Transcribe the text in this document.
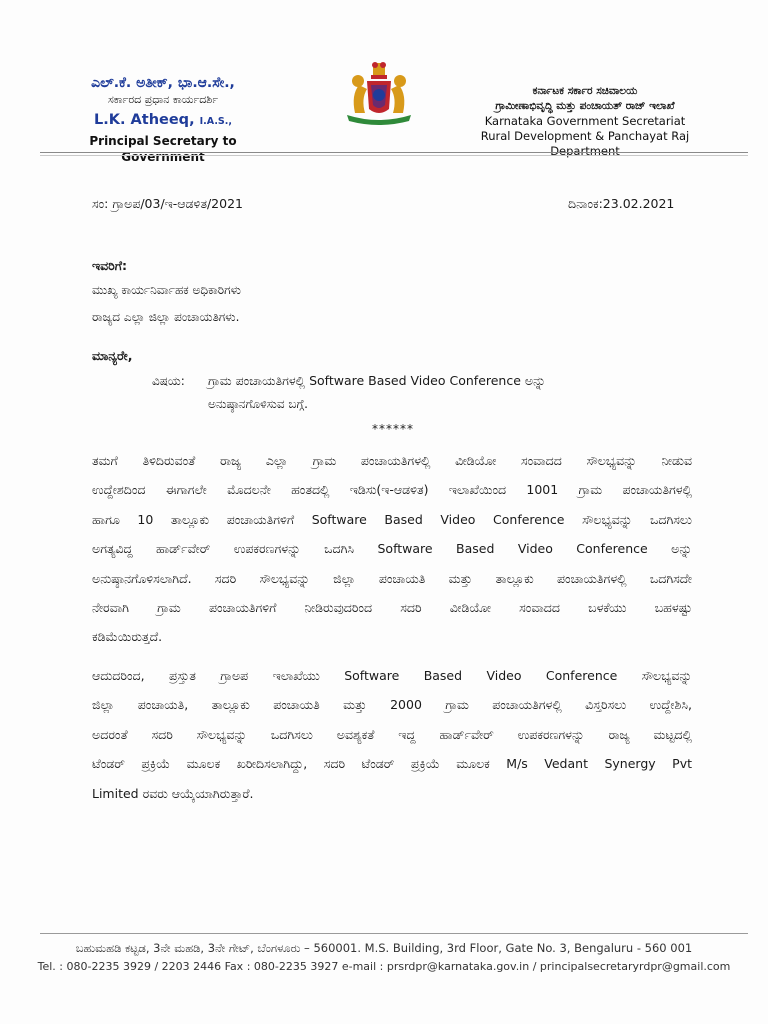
ಎಲ್.ಕೆ. ಅತೀಕ್, ಭಾ.ಆ.ಸೇ.,
ಸರ್ಕಾರದ ಪ್ರಧಾನ ಕಾರ್ಯದರ್ಶಿ
L.K. Atheeq, I.A.S.,
Principal Secretary to Government
ಕರ್ನಾಟಕ ಸರ್ಕಾರ ಸಚಿವಾಲಯ
ಗ್ರಾಮೀಣಾಭಿವೃದ್ಧಿ ಮತ್ತು ಪಂಚಾಯತ್ ರಾಜ್ ಇಲಾಖೆ
Karnataka Government Secretariat
Rural Development & Panchayat Raj Department
ಸಂ: ಗ್ರಾಅಪ/03/ಇ-ಆಡಳಿತ/2021	ದಿನಾಂಕ:23.02.2021
ಇವರಿಗೆ:
ಮುಖ್ಯ ಕಾರ್ಯನಿರ್ವಾಹಕ ಅಧಿಕಾರಿಗಳು
ರಾಜ್ಯದ ಎಲ್ಲಾ ಜಿಲ್ಲಾ ಪಂಚಾಯತಿಗಳು.
ಮಾನ್ಯರೇ,
ವಿಷಯ: ಗ್ರಾಮ ಪಂಚಾಯತಿಗಳಲ್ಲಿ Software Based Video Conference ಅನ್ನು
ಅನುಷ್ಠಾನಗೊಳಿಸುವ ಬಗ್ಗೆ.
******
ತಮಗೆ ತಿಳಿದಿರುವಂತೆ ರಾಜ್ಯ ಎಲ್ಲಾ ಗ್ರಾಮ ಪಂಚಾಯತಿಗಳಲ್ಲಿ ವೀಡಿಯೋ ಸಂವಾದದ ಸೌಲಭ್ಯವನ್ನು ನೀಡುವ
ಉದ್ದೇಶದಿಂದ ಈಗಾಗಲೇ ಮೊದಲನೇ ಹಂತದಲ್ಲಿ ಇಡಿಸು(ಇ-ಆಡಳಿತ) ಇಲಾಖೆಯಿಂದ 1001 ಗ್ರಾಮ ಪಂಚಾಯತಿಗಳಲ್ಲಿ
ಹಾಗೂ 10 ತಾಲ್ಲೂಕು ಪಂಚಾಯತಿಗಳಿಗೆ Software Based Video Conference ಸೌಲಭ್ಯವನ್ನು ಒದಗಿಸಲು
ಅಗತ್ಯವಿದ್ದ ಹಾರ್ಡ್‌ವೇರ್ ಉಪಕರಣಗಳನ್ನು ಒದಗಿಸಿ Software Based Video Conference ಅನ್ನು
ಅನುಷ್ಠಾನಗೊಳಿಸಲಾಗಿದೆ. ಸದರಿ ಸೌಲಭ್ಯವನ್ನು ಜಿಲ್ಲಾ ಪಂಚಾಯತಿ ಮತ್ತು ತಾಲ್ಲೂಕು ಪಂಚಾಯತಿಗಳಲ್ಲಿ ಒದಗಿಸದೇ
ನೇರವಾಗಿ ಗ್ರಾಮ ಪಂಚಾಯತಿಗಳಿಗೆ ನೀಡಿರುವುದರಿಂದ ಸದರಿ ವೀಡಿಯೋ ಸಂವಾದದ ಬಳಕೆಯು ಬಹಳಷ್ಟು
ಕಡಿಮೆಯಿರುತ್ತದೆ.
ಆದುದರಿಂದ, ಪ್ರಸ್ತುತ ಗ್ರಾಅಪ ಇಲಾಖೆಯು Software Based Video Conference ಸೌಲಭ್ಯವನ್ನು
ಜಿಲ್ಲಾ ಪಂಚಾಯತಿ, ತಾಲ್ಲೂಕು ಪಂಚಾಯತಿ ಮತ್ತು 2000 ಗ್ರಾಮ ಪಂಚಾಯತಿಗಳಲ್ಲಿ ವಿಸ್ತರಿಸಲು ಉದ್ದೇಶಿಸಿ,
ಅದರಂತೆ ಸದರಿ ಸೌಲಭ್ಯವನ್ನು ಒದಗಿಸಲು ಅವಶ್ಯಕತೆ ಇದ್ದ ಹಾರ್ಡ್‌ವೇರ್ ಉಪಕರಣಗಳನ್ನು ರಾಜ್ಯ ಮಟ್ಟದಲ್ಲಿ
ಟೆಂಡರ್ ಪ್ರಕ್ರಿಯೆ ಮೂಲಕ ಖರೀದಿಸಲಾಗಿದ್ದು, ಸದರಿ ಟೆಂಡರ್ ಪ್ರಕ್ರಿಯೆ ಮೂಲಕ M/s Vedant Synergy Pvt
Limited ರವರು ಆಯ್ಕೆಯಾಗಿರುತ್ತಾರೆ.
ಬಹುಮಹಡಿ ಕಟ್ಟಡ, 3ನೇ ಮಹಡಿ, 3ನೇ ಗೇಟ್, ಬೆಂಗಳೂರು – 560001. M.S. Building, 3rd Floor, Gate No. 3, Bengaluru - 560 001
Tel. : 080-2235 3929 / 2203 2446 Fax : 080-2235 3927 e-mail : prsrdpr@karnataka.gov.in / principalsecretaryrdpr@gmail.com
